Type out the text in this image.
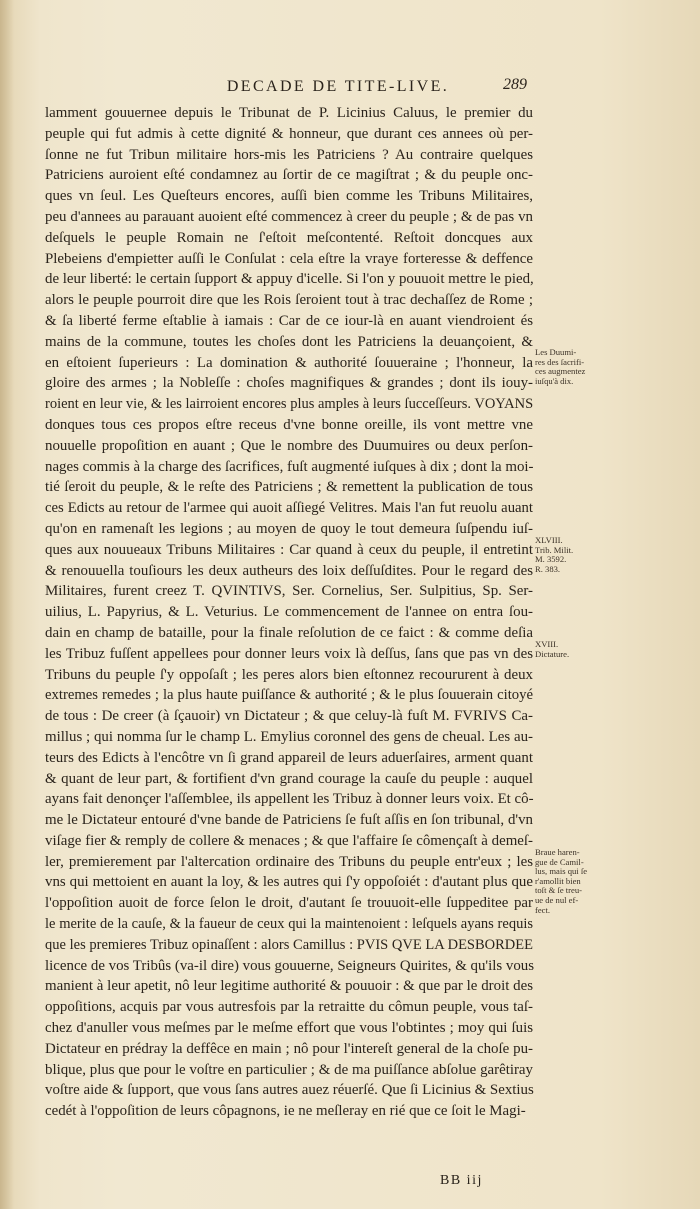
DECADE DE TITE-LIVE.	289
lamment gouuernee depuis le Tribunat de P. Licinius Caluus, le premier du
peuple qui fut admis à cette dignité & honneur, que durant ces annees où per-
ſonne ne fut Tribun militaire hors-mis les Patriciens ? Au contraire quelques
Patriciens auroient eſté condamnez au ſortir de ce magiſtrat ; & du peuple onc-
ques vn ſeul. Les Queſteurs encores, auſſi bien comme les Tribuns Militaires,
peu d'annees au parauant auoient eſté commencez à creer du peuple ; & de pas vn
deſquels le peuple Romain ne ſ'eſtoit meſcontenté. Reſtoit doncques aux
Plebeiens d'empietter auſſi le Conſulat : cela eſtre la vraye forteresse & deffence
de leur liberté: le certain ſupport & appuy d'icelle. Si l'on y pouuoit mettre le pied,
alors le peuple pourroit dire que les Rois ſeroient tout à trac dechaſſez de Rome ;
& ſa liberté ferme eſtablie à iamais : Car de ce iour-là en auant viendroient és
mains de la commune, toutes les choſes dont les Patriciens la deuançoient, &
en eſtoient ſuperieurs : La domination & authorité ſouueraine ; l'honneur, la
gloire des armes ; la Nobleſſe : choſes magnifiques & grandes ; dont ils iouy-
roient en leur vie, & les lairroient encores plus amples à leurs ſucceſſeurs. VOYANS
donques tous ces propos eſtre receus d'vne bonne oreille, ils vont mettre vne
nouuelle propoſition en auant ; Que le nombre des Duumuires ou deux perſon-
nages commis à la charge des ſacrifices, fuſt augmenté iuſques à dix ; dont la moi-
tié ſeroit du peuple, & le reſte des Patriciens ; & remettent la publication de tous
ces Edicts au retour de l'armee qui auoit aſſiegé Velitres. Mais l'an fut reuolu auant
qu'on en ramenaſt les legions ; au moyen de quoy le tout demeura ſuſpendu iuſ-
ques aux nouueaux Tribuns Militaires : Car quand à ceux du peuple, il entretint
& renouuella touſiours les deux autheurs des loix deſſuſdites. Pour le regard des
Militaires, furent creez T. QVINTIVS, Ser. Cornelius, Ser. Sulpitius, Sp. Ser-
uilius, L. Papyrius, & L. Veturius. Le commencement de l'annee on entra ſou-
dain en champ de bataille, pour la finale reſolution de ce faict : & comme deſia
les Tribuz fuſſent appellees pour donner leurs voix là deſſus, ſans que pas vn des
Tribuns du peuple ſ'y oppoſaſt ; les peres alors bien eſtonnez recoururent à deux
extremes remedes ; la plus haute puiſſance & authorité ; & le plus ſouuerain citoyé
de tous : De creer (à ſçauoir) vn Dictateur ; & que celuy-là fuſt M. FVRIVS Ca-
millus ; qui nomma ſur le champ L. Emylius coronnel des gens de cheual. Les au-
teurs des Edicts à l'encôtre vn ſi grand appareil de leurs aduerſaires, arment quant
& quant de leur part, & fortifient d'vn grand courage la cauſe du peuple : auquel
ayans fait denonçer l'aſſemblee, ils appellent les Tribuz à donner leurs voix. Et cô-
me le Dictateur entouré d'vne bande de Patriciens ſe fuſt aſſis en ſon tribunal, d'vn
viſage fier & remply de collere & menaces ; & que l'affaire ſe cômençaſt à demeſ-
ler, premierement par l'altercation ordinaire des Tribuns du peuple entr'eux ; les
vns qui mettoient en auant la loy, & les autres qui ſ'y oppoſoiét : d'autant plus que
l'oppoſition auoit de force ſelon le droit, d'autant ſe trouuoit-elle ſuppeditee par
le merite de la cauſe, & la faueur de ceux qui la maintenoient : leſquels ayans requis
que les premieres Tribuz opinaſſent : alors Camillus : PVIS QVE LA DESBORDEE
licence de vos Tribûs (va-il dire) vous gouuerne, Seigneurs Quirites, & qu'ils vous
manient à leur apetit, nô leur legitime authorité & pouuoir : & que par le droit des
oppoſitions, acquis par vous autresfois par la retraitte du cômun peuple, vous taſ-
chez d'anuller vous meſmes par le meſme effort que vous l'obtintes ; moy qui ſuis
Dictateur en prédray la deffêce en main ; nô pour l'intereſt general de la choſe pu-
blique, plus que pour le voſtre en particulier ; & de ma puiſſance abſolue garêtiray
voſtre aide & ſupport, que vous ſans autres auez réuerſé. Que ſi Licinius & Sextius
cedét à l'oppoſition de leurs côpagnons, ie ne meſleray en rié que ce ſoit le Magi-
Les Duumi-
res des ſacrifi-
ces augmentez
iuſqu'à dix.
XLVIII.
Trib. Milit.
M. 3592.
R. 383.
XVIII.
Dictature.
Braue haren-
gue de Camil-
lus, mais qui ſe
r'amollit bien
toſt & ſe treu-
ue de nul ef-
fect.
BB iij
